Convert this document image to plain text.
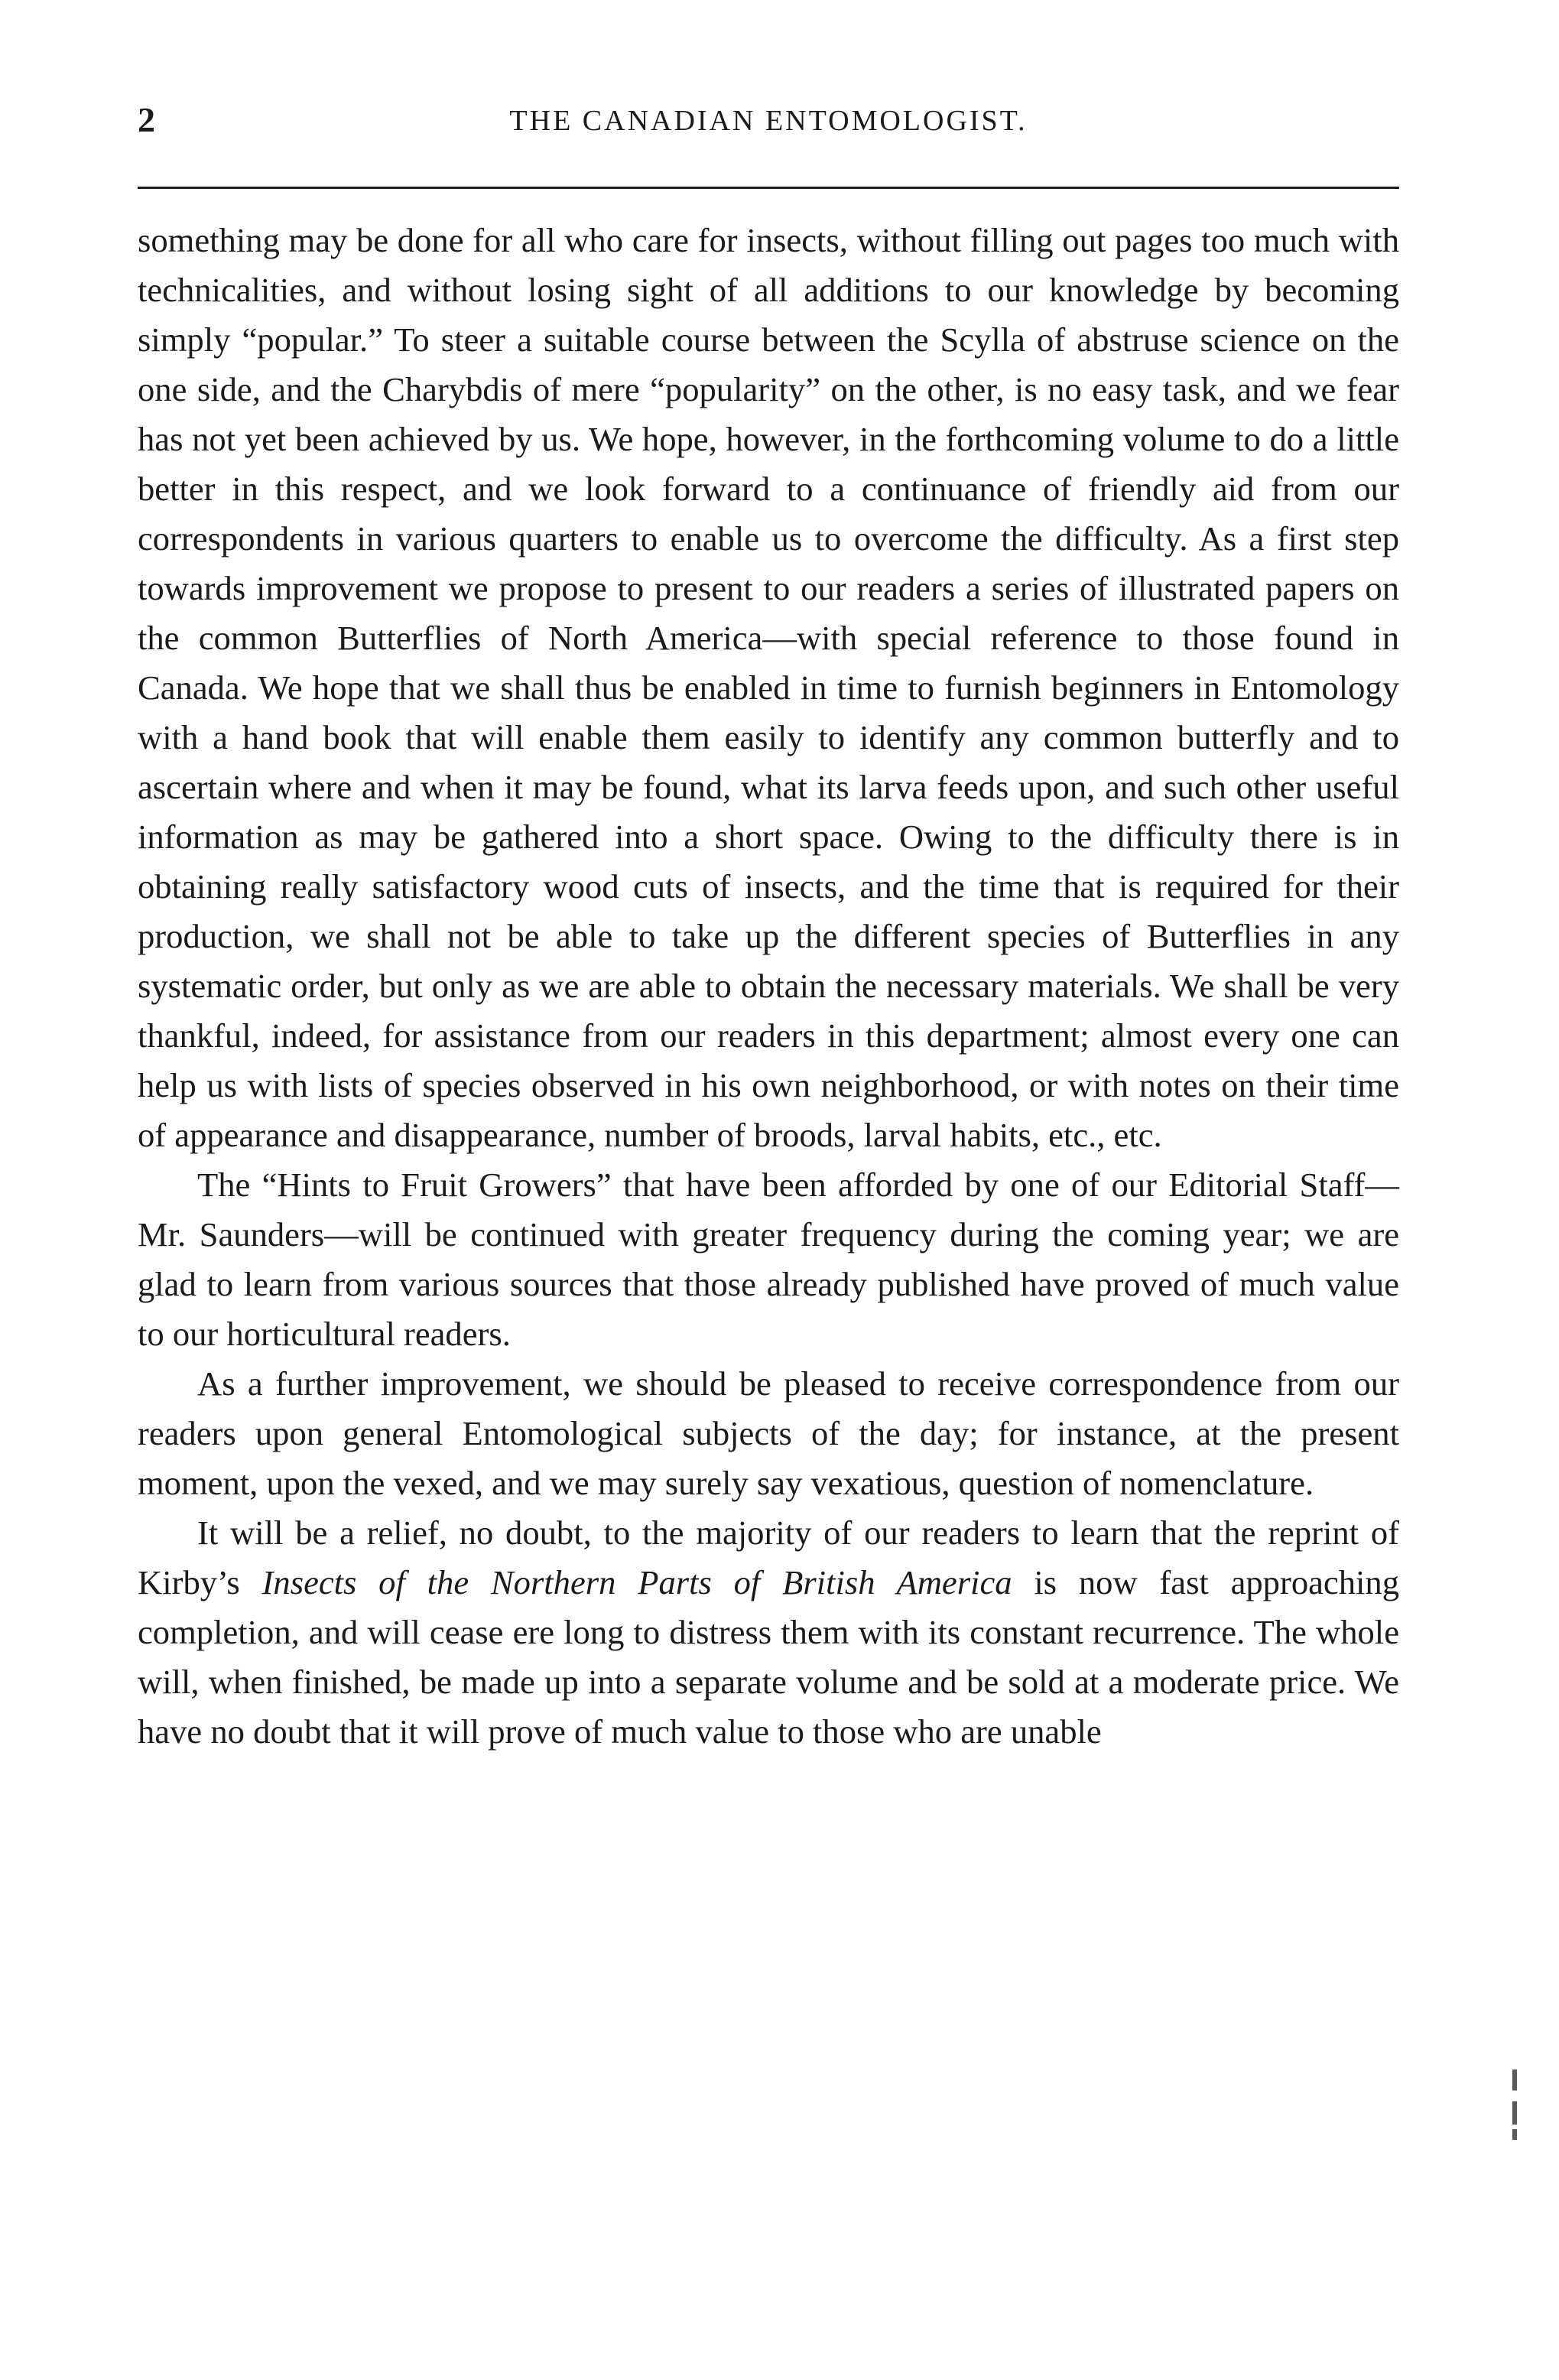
2	THE CANADIAN ENTOMOLOGIST.

something may be done for all who care for insects, without filling out pages too much with technicalities, and without losing sight of all additions to our knowledge by becoming simply “popular.” To steer a suitable course between the Scylla of abstruse science on the one side, and the Charybdis of mere “popularity” on the other, is no easy task, and we fear has not yet been achieved by us. We hope, however, in the forthcoming volume to do a little better in this respect, and we look forward to a continuance of friendly aid from our correspondents in various quarters to enable us to overcome the difficulty. As a first step towards improvement we propose to present to our readers a series of illustrated papers on the common Butterflies of North America—with special reference to those found in Canada. We hope that we shall thus be enabled in time to furnish beginners in Entomology with a hand book that will enable them easily to identify any common butterfly and to ascertain where and when it may be found, what its larva feeds upon, and such other useful information as may be gathered into a short space. Owing to the difficulty there is in obtaining really satisfactory wood cuts of insects, and the time that is required for their production, we shall not be able to take up the different species of Butterflies in any systematic order, but only as we are able to obtain the necessary materials. We shall be very thankful, indeed, for assistance from our readers in this department; almost every one can help us with lists of species observed in his own neighborhood, or with notes on their time of appearance and disappearance, number of broods, larval habits, etc., etc.

The “Hints to Fruit Growers” that have been afforded by one of our Editorial Staff—Mr. Saunders—will be continued with greater frequency during the coming year; we are glad to learn from various sources that those already published have proved of much value to our horticultural readers.

As a further improvement, we should be pleased to receive correspondence from our readers upon general Entomological subjects of the day; for instance, at the present moment, upon the vexed, and we may surely say vexatious, question of nomenclature.

It will be a relief, no doubt, to the majority of our readers to learn that the reprint of Kirby’s Insects of the Northern Parts of British America is now fast approaching completion, and will cease ere long to distress them with its constant recurrence. The whole will, when finished, be made up into a separate volume and be sold at a moderate price. We have no doubt that it will prove of much value to those who are unable
